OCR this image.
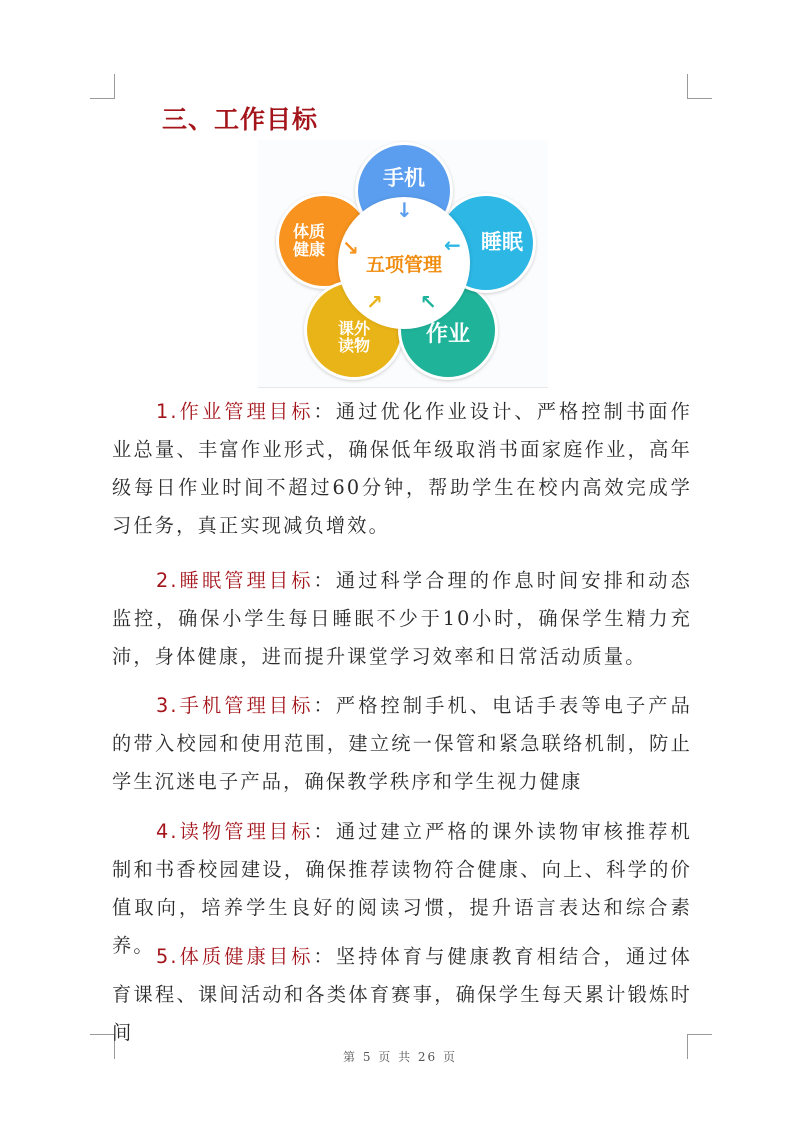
三、工作目标
体质
健康
课外
读物	作业
睡眠
手机
五项管理
↓
←
↖
↗
↘
1.作业管理目标：通过优化作业设计、严格控制书面作业总量、丰富作业形式，确保低年级取消书面家庭作业，高年级每日作业时间不超过60分钟，帮助学生在校内高效完成学习任务，真正实现减负增效。
2.睡眠管理目标：通过科学合理的作息时间安排和动态监控，确保小学生每日睡眠不少于10小时，确保学生精力充沛，身体健康，进而提升课堂学习效率和日常活动质量。
3.手机管理目标：严格控制手机、电话手表等电子产品的带入校园和使用范围，建立统一保管和紧急联络机制，防止学生沉迷电子产品，确保教学秩序和学生视力健康
4.读物管理目标：通过建立严格的课外读物审核推荐机制和书香校园建设，确保推荐读物符合健康、向上、科学的价值取向，培养学生良好的阅读习惯，提升语言表达和综合素养。 5.体质健康目标：坚持体育与健康教育相结合，通过体育课程、课间活动和各类体育赛事，确保学生每天累计锻炼时间
第 5 页 共 26 页
